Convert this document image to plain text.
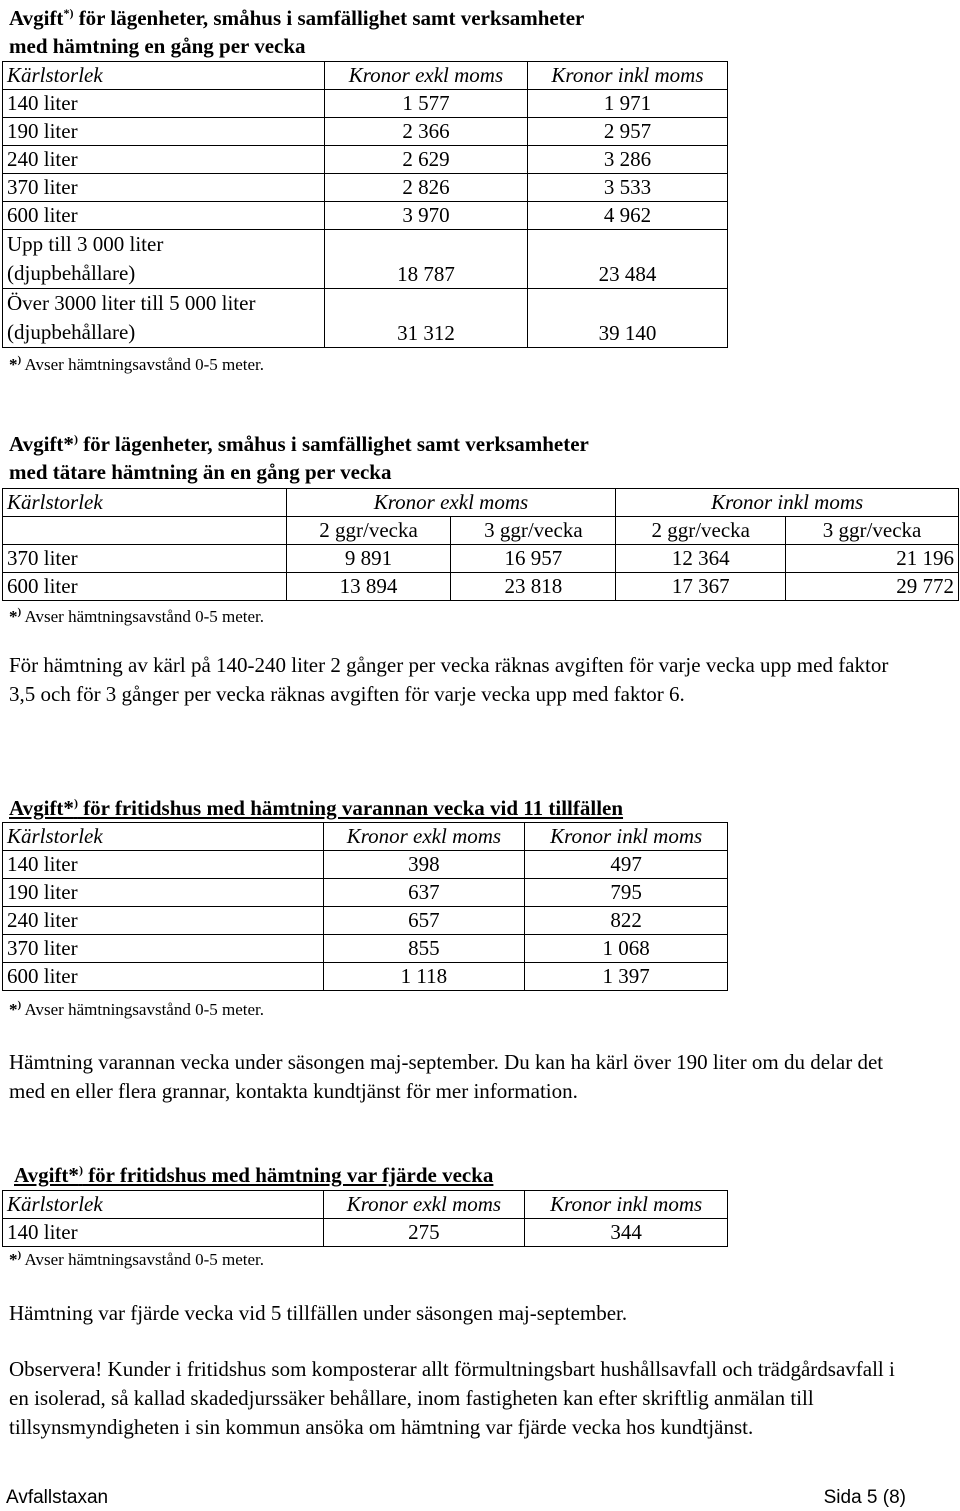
Avgift*) för lägenheter, småhus i samfällighet samt verksamheter
med hämtning en gång per vecka
Kärlstorlek	Kronor exkl moms	Kronor inkl moms
140 liter	1 577	1 971
190 liter	2 366	2 957
240 liter	2 629	3 286
370 liter	2 826	3 533
600 liter	3 970	4 962
Upp till 3 000 liter
(djupbehållare)	18 787	23 484
Över 3000 liter till 5 000 liter
(djupbehållare)	31 312	39 140
*) Avser hämtningsavstånd 0-5 meter.
Avgift*) för lägenheter, småhus i samfällighet samt verksamheter
med tätare hämtning än en gång per vecka
Kärlstorlek	Kronor exkl moms		Kronor inkl moms	
	2 ggr/vecka	3 ggr/vecka	2 ggr/vecka	3 ggr/vecka
370 liter	9 891	16 957	12 364	21 196
600 liter	13 894	23 818	17 367	29 772
*) Avser hämtningsavstånd 0-5 meter.
För hämtning av kärl på 140-240 liter 2 gånger per vecka räknas avgiften för varje vecka upp med faktor 3,5 och för 3 gånger per vecka räknas avgiften för varje vecka upp med faktor 6.
Avgift*) för fritidshus med hämtning varannan vecka vid 11 tillfällen
Kärlstorlek	Kronor exkl moms	Kronor inkl moms
140 liter	398	497
190 liter	637	795
240 liter	657	822
370 liter	855	1 068
600 liter	1 118	1 397
*) Avser hämtningsavstånd 0-5 meter.
Hämtning varannan vecka under säsongen maj-september. Du kan ha kärl över 190 liter om du delar det med en eller flera grannar, kontakta kundtjänst för mer information.
Avgift*) för fritidshus med hämtning var fjärde vecka
Kärlstorlek	Kronor exkl moms	Kronor inkl moms
140 liter	275	344
*) Avser hämtningsavstånd 0-5 meter.
Hämtning var fjärde vecka vid 5 tillfällen under säsongen maj-september.
Observera! Kunder i fritidshus som komposterar allt förmultningsbart hushållsavfall och trädgårdsavfall i en isolerad, så kallad skadedjurssäker behållare, inom fastigheten kan efter skriftlig anmälan till tillsynsmyndigheten i sin kommun ansöka om hämtning var fjärde vecka hos kundtjänst.
Avfallstaxan	Sida 5 (8)
